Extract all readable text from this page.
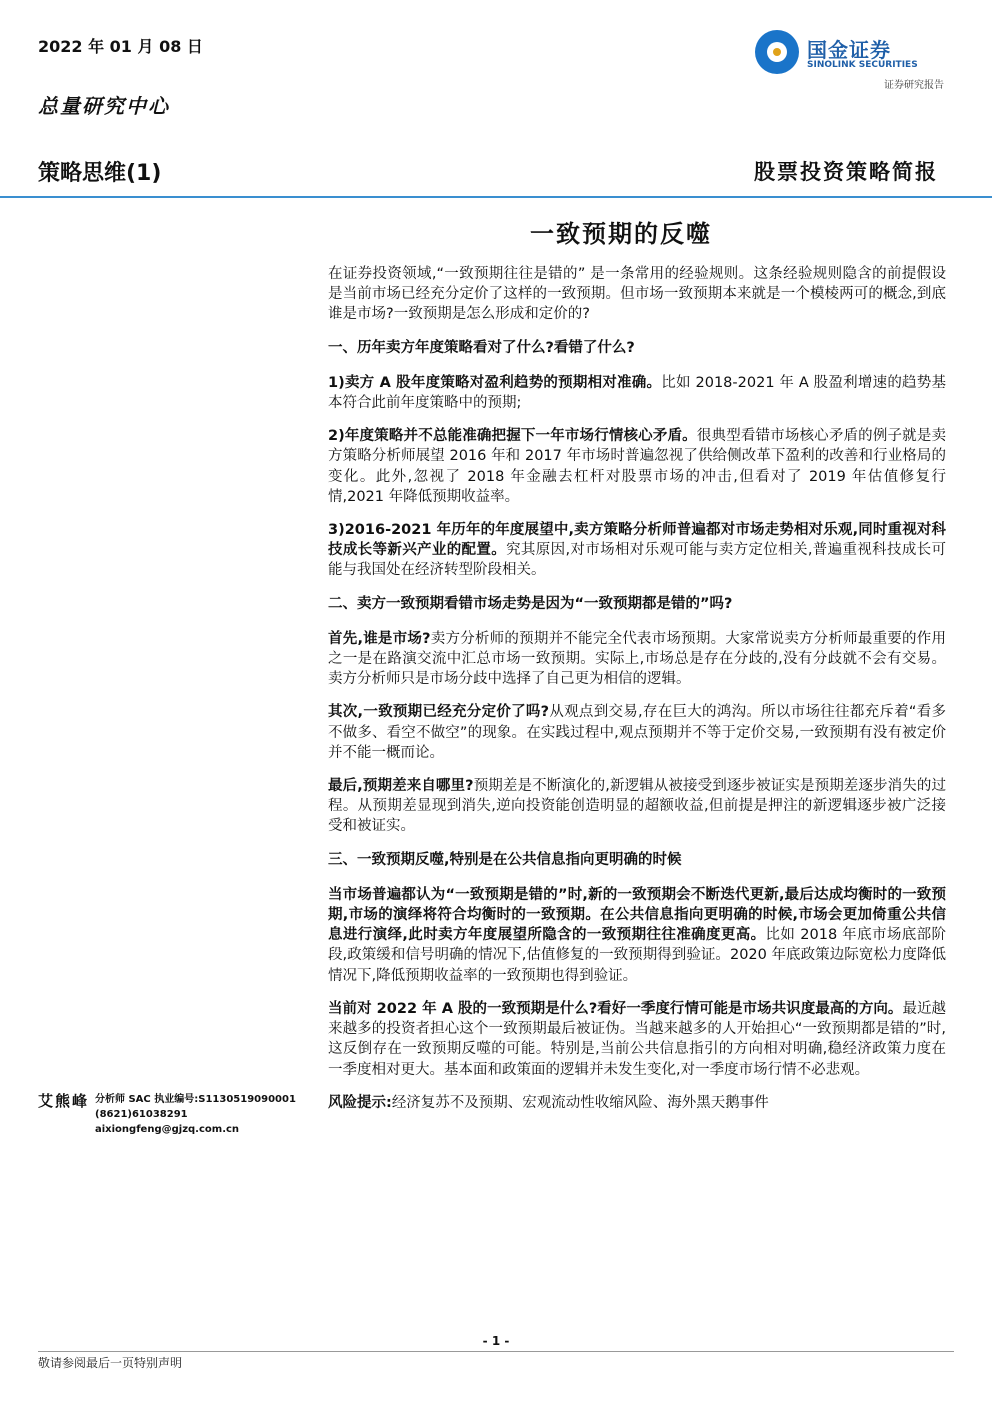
2022 年 01 月 08 日
总量研究中心
国金证券
SINOLINK SECURITIES
证券研究报告
策略思维(1)	股票投资策略简报
一致预期的反噬

在证券投资领域,“一致预期往往是错的” 是一条常用的经验规则。这条经验规则隐含的前提假设是当前市场已经充分定价了这样的一致预期。但市场一致预期本来就是一个模棱两可的概念,到底谁是市场?一致预期是怎么形成和定价的?

一、历年卖方年度策略看对了什么?看错了什么?

1)卖方 A 股年度策略对盈利趋势的预期相对准确。比如 2018-2021 年 A 股盈利增速的趋势基本符合此前年度策略中的预期;

2)年度策略并不总能准确把握下一年市场行情核心矛盾。很典型看错市场核心矛盾的例子就是卖方策略分析师展望 2016 年和 2017 年市场时普遍忽视了供给侧改革下盈利的改善和行业格局的变化。此外,忽视了 2018 年金融去杠杆对股票市场的冲击,但看对了 2019 年估值修复行情,2021 年降低预期收益率。

3)2016-2021 年历年的年度展望中,卖方策略分析师普遍都对市场走势相对乐观,同时重视对科技成长等新兴产业的配置。究其原因,对市场相对乐观可能与卖方定位相关,普遍重视科技成长可能与我国处在经济转型阶段相关。

二、卖方一致预期看错市场走势是因为“一致预期都是错的”吗?

首先,谁是市场?卖方分析师的预期并不能完全代表市场预期。大家常说卖方分析师最重要的作用之一是在路演交流中汇总市场一致预期。实际上,市场总是存在分歧的,没有分歧就不会有交易。卖方分析师只是市场分歧中选择了自己更为相信的逻辑。

其次,一致预期已经充分定价了吗?从观点到交易,存在巨大的鸿沟。所以市场往往都充斥着“看多不做多、看空不做空”的现象。在实践过程中,观点预期并不等于定价交易,一致预期有没有被定价并不能一概而论。

最后,预期差来自哪里?预期差是不断演化的,新逻辑从被接受到逐步被证实是预期差逐步消失的过程。从预期差显现到消失,逆向投资能创造明显的超额收益,但前提是押注的新逻辑逐步被广泛接受和被证实。

三、一致预期反噬,特别是在公共信息指向更明确的时候

当市场普遍都认为“一致预期是错的”时,新的一致预期会不断迭代更新,最后达成均衡时的一致预期,市场的演绎将符合均衡时的一致预期。在公共信息指向更明确的时候,市场会更加倚重公共信息进行演绎,此时卖方年度展望所隐含的一致预期往往准确度更高。比如 2018 年底市场底部阶段,政策缓和信号明确的情况下,估值修复的一致预期得到验证。2020 年底政策边际宽松力度降低情况下,降低预期收益率的一致预期也得到验证。

当前对 2022 年 A 股的一致预期是什么?看好一季度行情可能是市场共识度最高的方向。最近越来越多的投资者担心这个一致预期最后被证伪。当越来越多的人开始担心“一致预期都是错的”时,这反倒存在一致预期反噬的可能。特别是,当前公共信息指引的方向相对明确,稳经济政策力度在一季度相对更大。基本面和政策面的逻辑并未发生变化,对一季度市场行情不必悲观。

风险提示:经济复苏不及预期、宏观流动性收缩风险、海外黑天鹅事件

艾熊峰 分析师 SAC 执业编号:S1130519090001
(8621)61038291
aixiongfeng@gjzq.com.cn
- 1 -
敬请参阅最后一页特别声明
